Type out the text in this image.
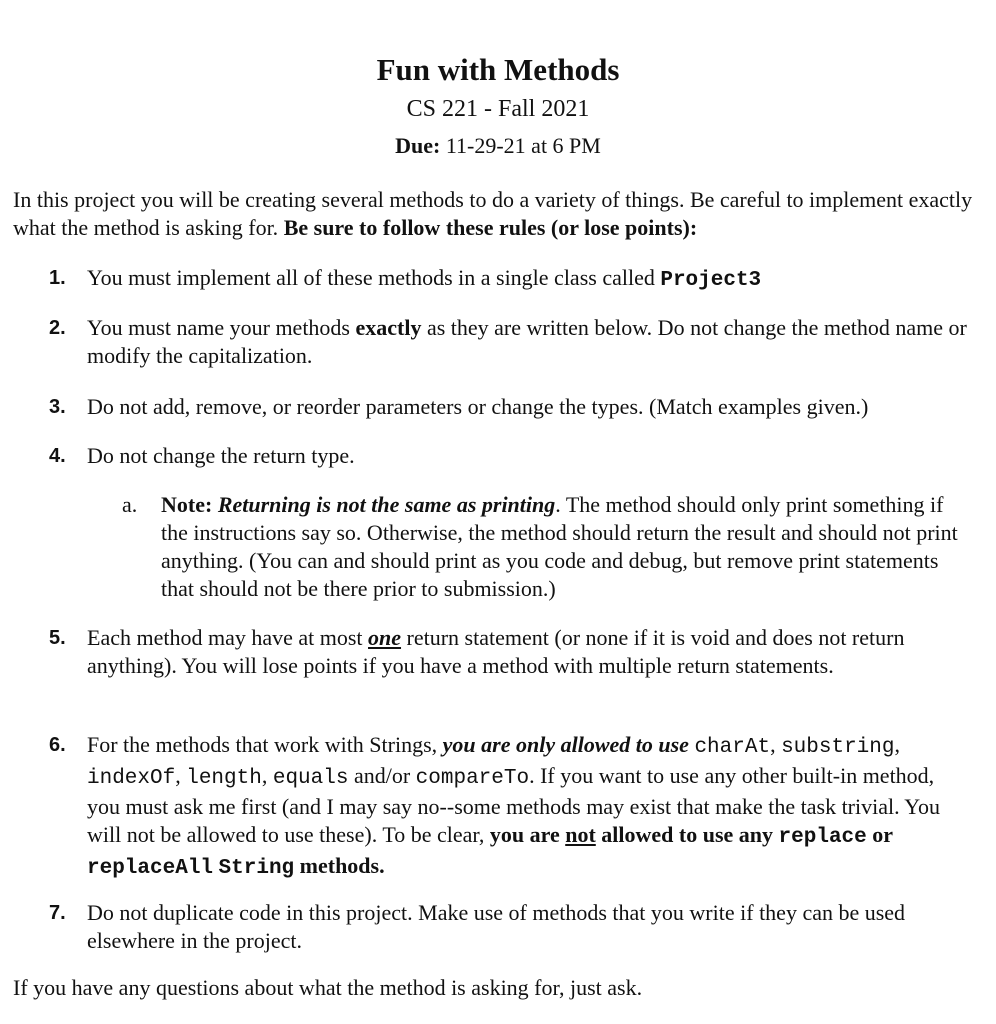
Fun with Methods
CS 221 - Fall 2021
Due: 11-29-21 at 6 PM

In this project you will be creating several methods to do a variety of things. Be careful to implement exactly what the method is asking for. Be sure to follow these rules (or lose points):

1. You must implement all of these methods in a single class called Project3

2. You must name your methods exactly as they are written below. Do not change the method name or modify the capitalization.

3. Do not add, remove, or reorder parameters or change the types. (Match examples given.)

4. Do not change the return type.

a. Note: Returning is not the same as printing. The method should only print something if the instructions say so. Otherwise, the method should return the result and should not print anything. (You can and should print as you code and debug, but remove print statements that should not be there prior to submission.)

5. Each method may have at most one return statement (or none if it is void and does not return anything). You will lose points if you have a method with multiple return statements.

6. For the methods that work with Strings, you are only allowed to use charAt, substring, indexOf, length, equals and/or compareTo. If you want to use any other built-in method, you must ask me first (and I may say no--some methods may exist that make the task trivial. You will not be allowed to use these). To be clear, you are not allowed to use any replace or replaceAll String methods.

7. Do not duplicate code in this project. Make use of methods that you write if they can be used elsewhere in the project.

If you have any questions about what the method is asking for, just ask.
